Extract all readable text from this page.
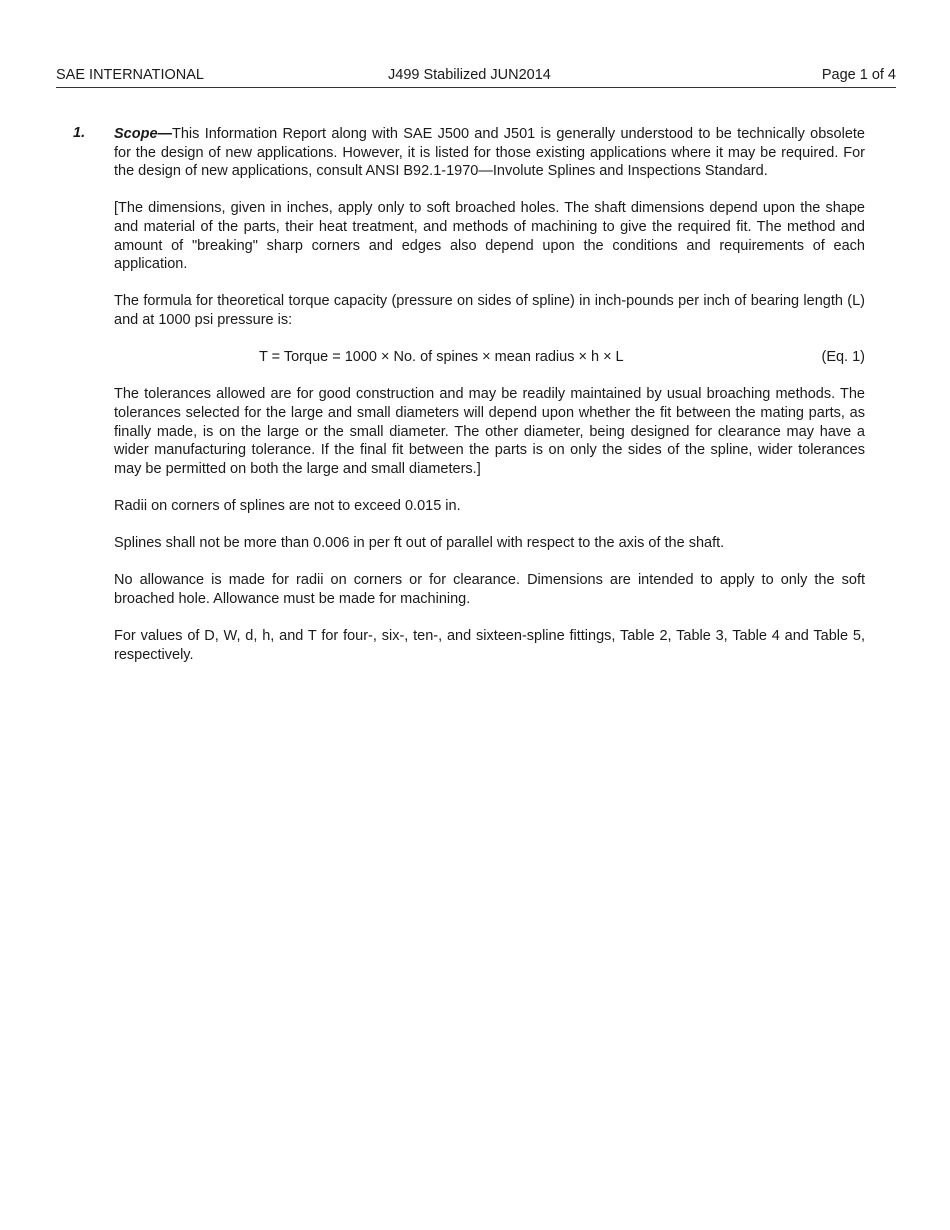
SAE INTERNATIONAL	J499 Stabilized JUN2014	Page 1 of 4
1. Scope—This Information Report along with SAE J500 and J501 is generally understood to be technically obsolete for the design of new applications. However, it is listed for those existing applications where it may be required. For the design of new applications, consult ANSI B92.1-1970—Involute Splines and Inspections Standard.

[The dimensions, given in inches, apply only to soft broached holes. The shaft dimensions depend upon the shape and material of the parts, their heat treatment, and methods of machining to give the required fit. The method and amount of "breaking" sharp corners and edges also depend upon the conditions and requirements of each application.

The formula for theoretical torque capacity (pressure on sides of spline) in inch-pounds per inch of bearing length (L) and at 1000 psi pressure is:

T = Torque = 1000 × No. of spines × mean radius × h × L	(Eq. 1)

The tolerances allowed are for good construction and may be readily maintained by usual broaching methods. The tolerances selected for the large and small diameters will depend upon whether the fit between the mating parts, as finally made, is on the large or the small diameter. The other diameter, being designed for clearance may have a wider manufacturing tolerance. If the final fit between the parts is on only the sides of the spline, wider tolerances may be permitted on both the large and small diameters.]

Radii on corners of splines are not to exceed 0.015 in.

Splines shall not be more than 0.006 in per ft out of parallel with respect to the axis of the shaft.

No allowance is made for radii on corners or for clearance. Dimensions are intended to apply to only the soft broached hole. Allowance must be made for machining.

For values of D, W, d, h, and T for four-, six-, ten-, and sixteen-spline fittings, Table 2, Table 3, Table 4 and Table 5, respectively.
